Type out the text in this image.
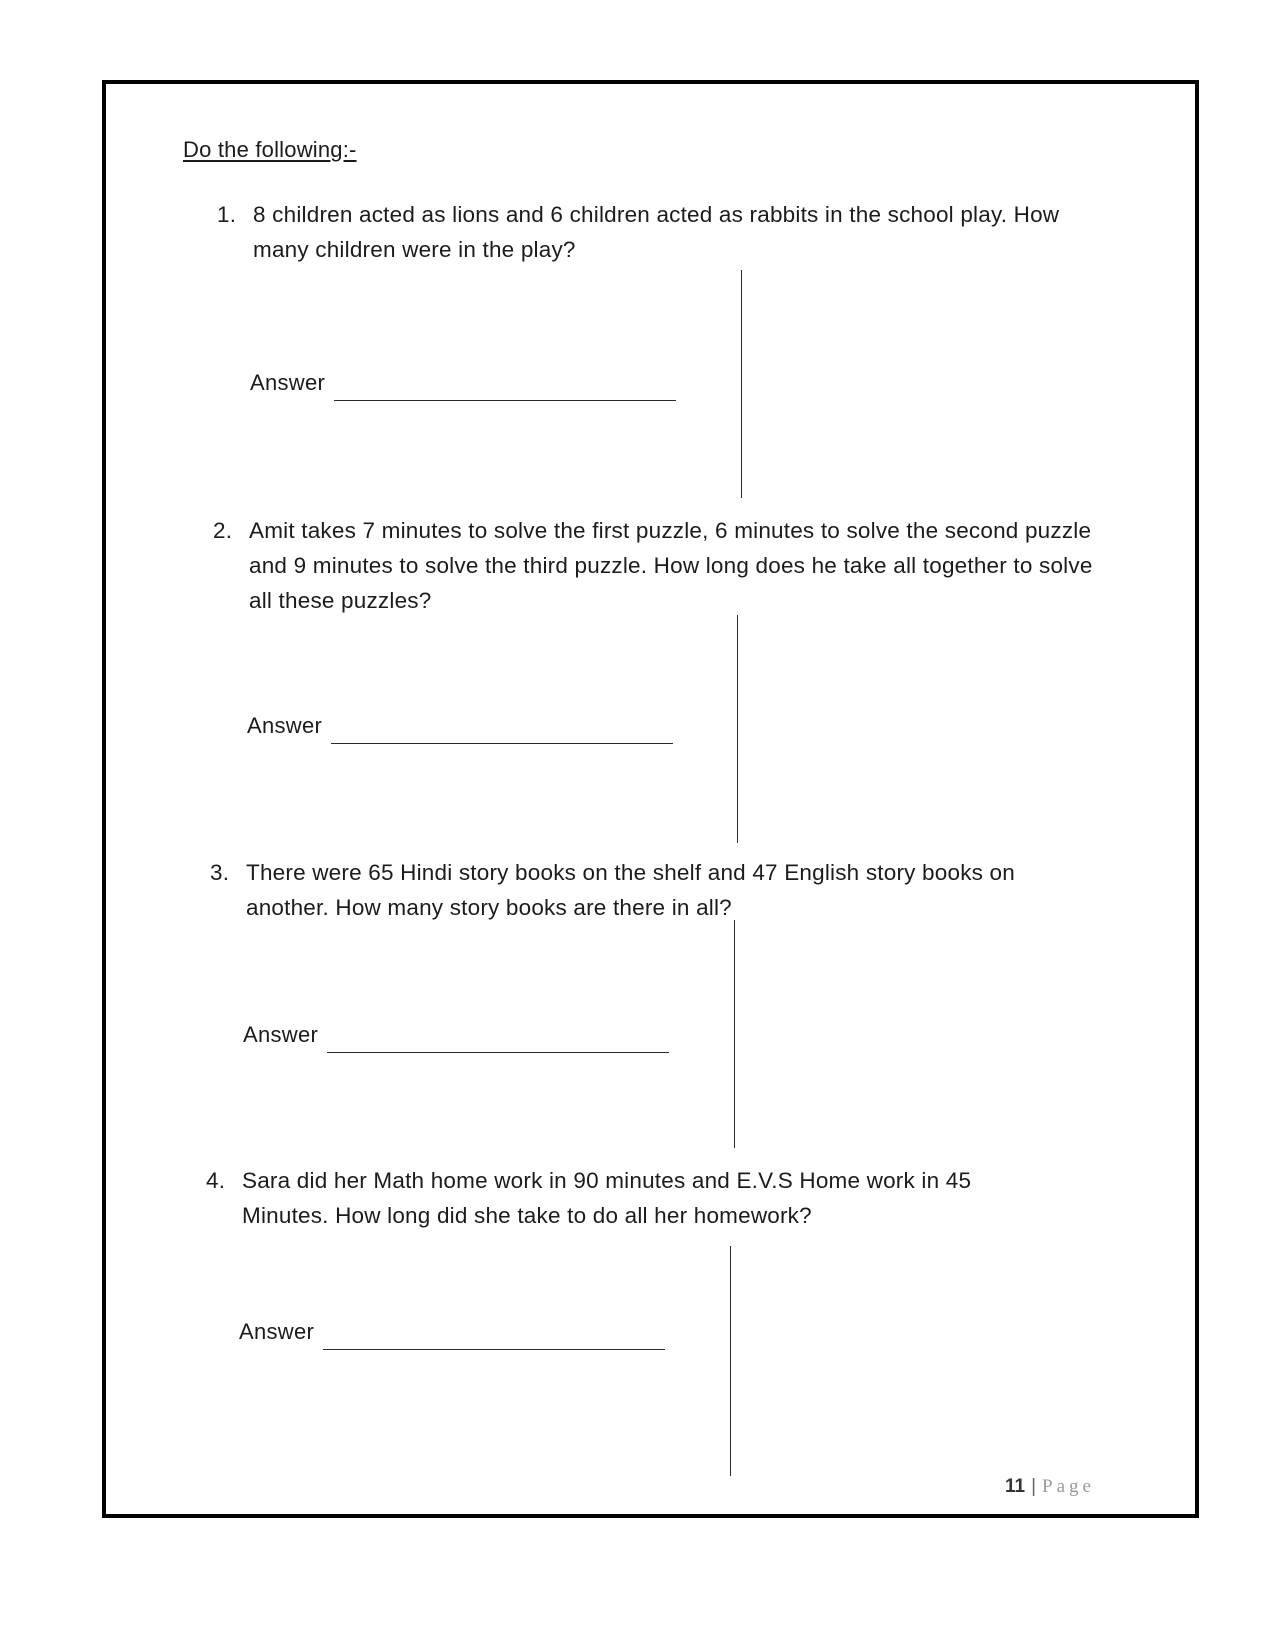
Do the following:-
1. 8 children acted as lions and 6 children acted as rabbits in the school play. How many children were in the play?
Answer
2. Amit takes 7 minutes to solve the first puzzle, 6 minutes to solve the second puzzle and 9 minutes to solve the third puzzle. How long does he take all together to solve all these puzzles?
Answer
3. There were 65 Hindi story books on the shelf and 47 English story books on another. How many story books are there in all?
Answer
4. Sara did her Math home work in 90 minutes and E.V.S Home work in 45 Minutes. How long did she take to do all her homework?
Answer
11 | Page
